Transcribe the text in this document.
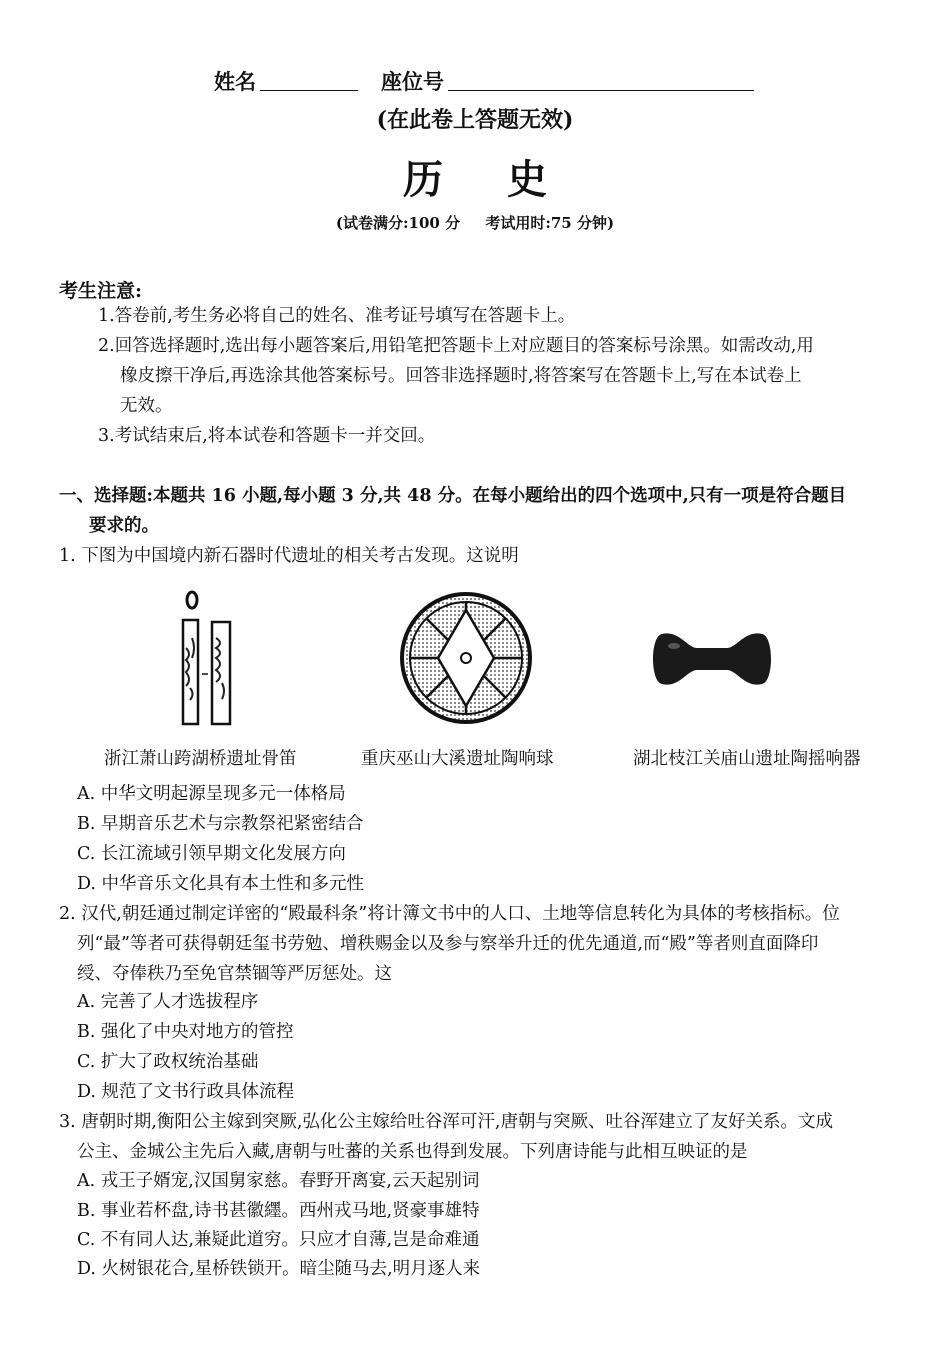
姓名	座位号
(在此卷上答题无效)
历史
(试卷满分:100 分 考试用时:75 分钟)
考生注意:
1.答卷前,考生务必将自己的姓名、准考证号填写在答题卡上。
2.回答选择题时,选出每小题答案后,用铅笔把答题卡上对应题目的答案标号涂黑。如需改动,用
橡皮擦干净后,再选涂其他答案标号。回答非选择题时,将答案写在答题卡上,写在本试卷上
无效。
3.考试结束后,将本试卷和答题卡一并交回。
一、选择题:本题共 16 小题,每小题 3 分,共 48 分。在每小题给出的四个选项中,只有一项是符合题目
要求的。
1. 下图为中国境内新石器时代遗址的相关考古发现。这说明
浙江萧山跨湖桥遗址骨笛	重庆巫山大溪遗址陶响球	湖北枝江关庙山遗址陶摇响器
A. 中华文明起源呈现多元一体格局
B. 早期音乐艺术与宗教祭祀紧密结合
C. 长江流域引领早期文化发展方向
D. 中华音乐文化具有本土性和多元性
2. 汉代,朝廷通过制定详密的“殿最科条”将计簿文书中的人口、土地等信息转化为具体的考核指标。位
列“最”等者可获得朝廷玺书劳勉、增秩赐金以及参与察举升迁的优先通道,而“殿”等者则直面降印
绶、夺俸秩乃至免官禁锢等严厉惩处。这
A. 完善了人才选拔程序
B. 强化了中央对地方的管控
C. 扩大了政权统治基础
D. 规范了文书行政具体流程
3. 唐朝时期,衡阳公主嫁到突厥,弘化公主嫁给吐谷浑可汗,唐朝与突厥、吐谷浑建立了友好关系。文成
公主、金城公主先后入藏,唐朝与吐蕃的关系也得到发展。下列唐诗能与此相互映证的是
A. 戎王子婿宠,汉国舅家慈。春野开离宴,云天起别词
B. 事业若杯盘,诗书甚徽纆。西州戎马地,贤豪事雄特
C. 不有同人达,兼疑此道穷。只应才自薄,岂是命难通
D. 火树银花合,星桥铁锁开。暗尘随马去,明月逐人来
